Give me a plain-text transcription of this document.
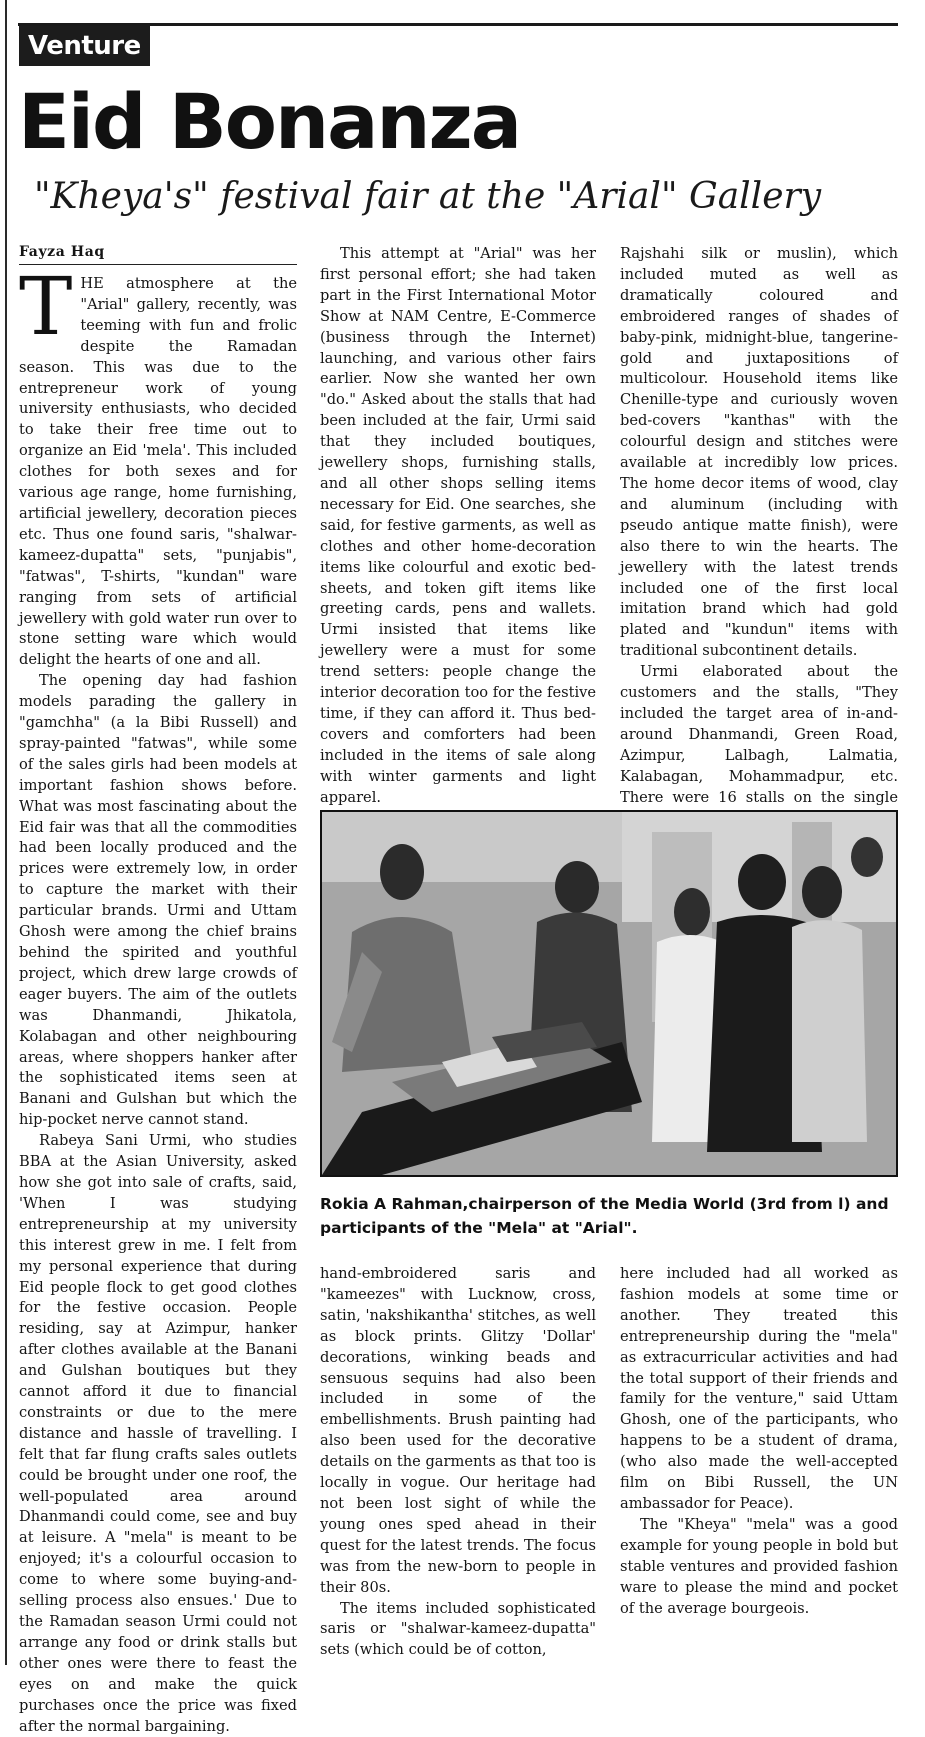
Venture
Eid Bonanza
"Kheya's" festival fair at the "Arial" Gallery
Fayza Haq

THE atmosphere at the "Arial" gallery, recently, was teeming with fun and frolic despite the Ramadan season. This was due to the entrepreneur work of young university enthusiasts, who decided to take their free time out to organize an Eid 'mela'. This included clothes for both sexes and for various age range, home furnishing, artificial jewellery, decoration pieces etc. Thus one found saris, "shalwar-kameez-dupatta" sets, "punjabis", "fatwas", T-shirts, "kundan" ware ranging from sets of artificial jewellery with gold water run over to stone setting ware which would delight the hearts of one and all.

The opening day had fashion models parading the gallery in "gamchha" (a la Bibi Russell) and spray-painted "fatwas", while some of the sales girls had been models at important fashion shows before. What was most fascinating about the Eid fair was that all the commodities had been locally produced and the prices were extremely low, in order to capture the market with their particular brands. Urmi and Uttam Ghosh were among the chief brains behind the spirited and youthful project, which drew large crowds of eager buyers. The aim of the outlets was Dhanmandi, Jhikatola, Kolabagan and other neighbouring areas, where shoppers hanker after the sophisticated items seen at Banani and Gulshan but which the hip-pocket nerve cannot stand.

Rabeya Sani Urmi, who studies BBA at the Asian University, asked how she got into sale of crafts, said, 'When I was studying entrepreneurship at my university this interest grew in me. I felt from my personal experience that during Eid people flock to get good clothes for the festive occasion. People residing, say at Azimpur, hanker after clothes available at the Banani and Gulshan boutiques but they cannot afford it due to financial constraints or due to the mere distance and hassle of travelling. I felt that far flung crafts sales outlets could be brought under one roof, the well-populated area around Dhanmandi could come, see and buy at leisure. A "mela" is meant to be enjoyed; it's a colourful occasion to come to where some buying-and-selling process also ensues.' Due to the Ramadan season Urmi could not arrange any food or drink stalls but other ones were there to feast the eyes on and make the quick purchases once the price was fixed after the normal bargaining.

This attempt at "Arial" was her first personal effort; she had taken part in the First International Motor Show at NAM Centre, E-Commerce (business through the Internet) launching, and various other fairs earlier. Now she wanted her own "do." Asked about the stalls that had been included at the fair, Urmi said that they included boutiques, jewellery shops, furnishing stalls, and all other shops selling items necessary for Eid. One searches, she said, for festive garments, as well as clothes and other home-decoration items like colourful and exotic bed-sheets, and token gift items like greeting cards, pens and wallets. Urmi insisted that items like jewellery were a must for some trend setters: people change the interior decoration too for the festive time, if they can afford it. Thus bed-covers and comforters had been included in the items of sale along with winter garments and light apparel.

Rajshahi silk or muslin), which included muted as well as dramatically coloured and embroidered ranges of shades of baby-pink, midnight-blue, tangerine-gold and juxtapositions of multicolour. Household items like Chenille-type and curiously woven bed-covers "kanthas" with the colourful design and stitches were available at incredibly low prices. The home decor items of wood, clay and aluminum (including with pseudo antique matte finish), were also there to win the hearts. The jewellery with the latest trends included one of the first local imitation brand which had gold plated and "kundun" items with traditional subcontinent details.

Urmi elaborated about the customers and the stalls, "They included the target area of in-and-around Dhanmandi, Green Road, Azimpur, Lalbagh, Lalmatia, Kalabagan, Mohammadpur, etc. There were 16 stalls on the single

Rokia A Rahman,chairperson of the Media World (3rd from l) and participants of the "Mela" at "Arial".

hand-embroidered saris and "kameezes" with Lucknow, cross, satin, 'nakshikantha' stitches, as well as block prints. Glitzy 'Dollar' decorations, winking beads and sensuous sequins had also been included in some of the embellishments. Brush painting had also been used for the decorative details on the garments as that too is locally in vogue. Our heritage had not been lost sight of while the young ones sped ahead in their quest for the latest trends. The focus was from the new-born to people in their 80s.

The items included sophisticated saris or "shalwar-kameez-dupatta" sets (which could be of cotton,

here included had all worked as fashion models at some time or another. They treated this entrepreneurship during the "mela" as extracurricular activities and had the total support of their friends and family for the venture," said Uttam Ghosh, one of the participants, who happens to be a student of drama, (who also made the well-accepted film on Bibi Russell, the UN ambassador for Peace).

The "Kheya" "mela" was a good example for young people in bold but stable ventures and provided fashion ware to please the mind and pocket of the average bourgeois.
